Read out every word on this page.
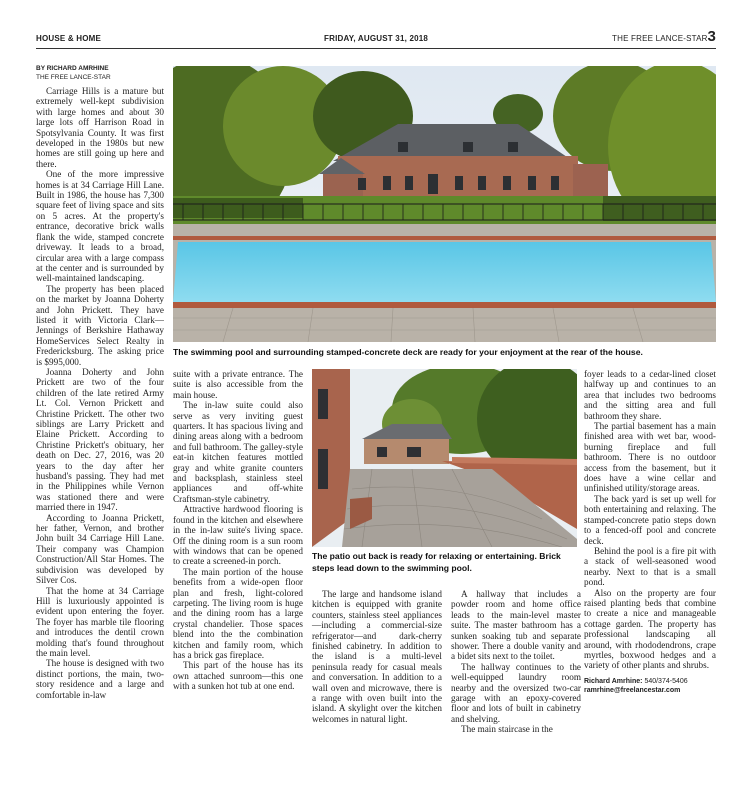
HOUSE & HOME	FRIDAY, AUGUST 31, 2018	THE FREE LANCE-STAR 3
BY RICHARD AMRHINE
THE FREE LANCE-STAR
The swimming pool and surrounding stamped-concrete deck are ready for your enjoyment at the rear of the house.
The patio out back is ready for relaxing or entertaining. Brick steps lead down to the swimming pool.

Carriage Hills is a mature but extremely well-kept subdivision with large homes and about 30 large lots off Harrison Road in Spotsylvania County. It was first developed in the 1980s but new homes are still going up here and there.

One of the more impressive homes is at 34 Carriage Hill Lane. Built in 1986, the house has 7,300 square feet of living space and sits on 5 acres. At the property's entrance, decorative brick walls flank the wide, stamped concrete driveway. It leads to a broad, circular area with a large compass at the center and is surrounded by well-maintained landscaping.

The property has been placed on the market by Joanna Doherty and John Prickett. They have listed it with Victoria Clark—Jennings of Berkshire Hathaway HomeServices Select Realty in Fredericksburg. The asking price is $995,000.

Joanna Doherty and John Prickett are two of the four children of the late retired Army Lt. Col. Vernon Prickett and Christine Prickett. The other two siblings are Larry Prickett and Elaine Prickett. According to Christine Prickett's obituary, her death on Dec. 27, 2016, was 20 years to the day after her husband's passing. They had met in the Philippines while Vernon was stationed there and were married there in 1947.

According to Joanna Prickett, her father, Vernon, and brother John built 34 Carriage Hill Lane. Their company was Champion Construction/All Star Homes. The subdivision was developed by Silver Cos.

That the home at 34 Carriage Hill is luxuriously appointed is evident upon entering the foyer. The foyer has marble tile flooring and introduces the dentil crown molding that's found throughout the main level.

The house is designed with two distinct portions, the main, two-story residence and a large and comfortable in-law

suite with a private entrance. The suite is also accessible from the main house.

The in-law suite could also serve as very inviting guest quarters. It has spacious living and dining areas along with a bedroom and full bathroom. The galley-style eat-in kitchen features mottled gray and white granite counters and backsplash, stainless steel appliances and off-white Craftsman-style cabinetry.

Attractive hardwood flooring is found in the kitchen and elsewhere in the in-law suite's living space. Off the dining room is a sun room with windows that can be opened to create a screened-in porch.

The main portion of the house benefits from a wide-open floor plan and fresh, light-colored carpeting. The living room is huge and the dining room has a large crystal chandelier. Those spaces blend into the the combination kitchen and family room, which has a brick gas fireplace.

This part of the house has its own attached sunroom—this one with a sunken hot tub at one end.

The large and handsome island kitchen is equipped with granite counters, stainless steel appliances—including a commercial-size refrigerator—and dark-cherry finished cabinetry. In addition to the island is a multi-level peninsula ready for casual meals and conversation. In addition to a wall oven and microwave, there is a range with oven built into the island. A skylight over the kitchen welcomes in natural light.

A hallway that includes a powder room and home office leads to the main-level master suite. The master bathroom has a sunken soaking tub and separate shower. There a double vanity and a bidet sits next to the toilet.

The hallway continues to the well-equipped laundry room nearby and the oversized two-car garage with an epoxy-covered floor and lots of built in cabinetry and shelving.

The main staircase in the

foyer leads to a cedar-lined closet halfway up and continues to an area that includes two bedrooms and the sitting area and full bathroom they share.

The partial basement has a main finished area with wet bar, wood-burning fireplace and full bathroom. There is no outdoor access from the basement, but it does have a wine cellar and unfinished utility/storage areas.

The back yard is set up well for both entertaining and relaxing. The stamped-concrete patio steps down to a fenced-off pool and concrete deck.

Behind the pool is a fire pit with a stack of well-seasoned wood nearby. Next to that is a small pond.

Also on the property are four raised planting beds that combine to create a nice and manageable cottage garden. The property has professional landscaping all around, with rhododendrons, crape myrtles, boxwood hedges and a variety of other plants and shrubs.

Richard Amrhine: 540/374-5406
ramrhine@freelancestar.com
